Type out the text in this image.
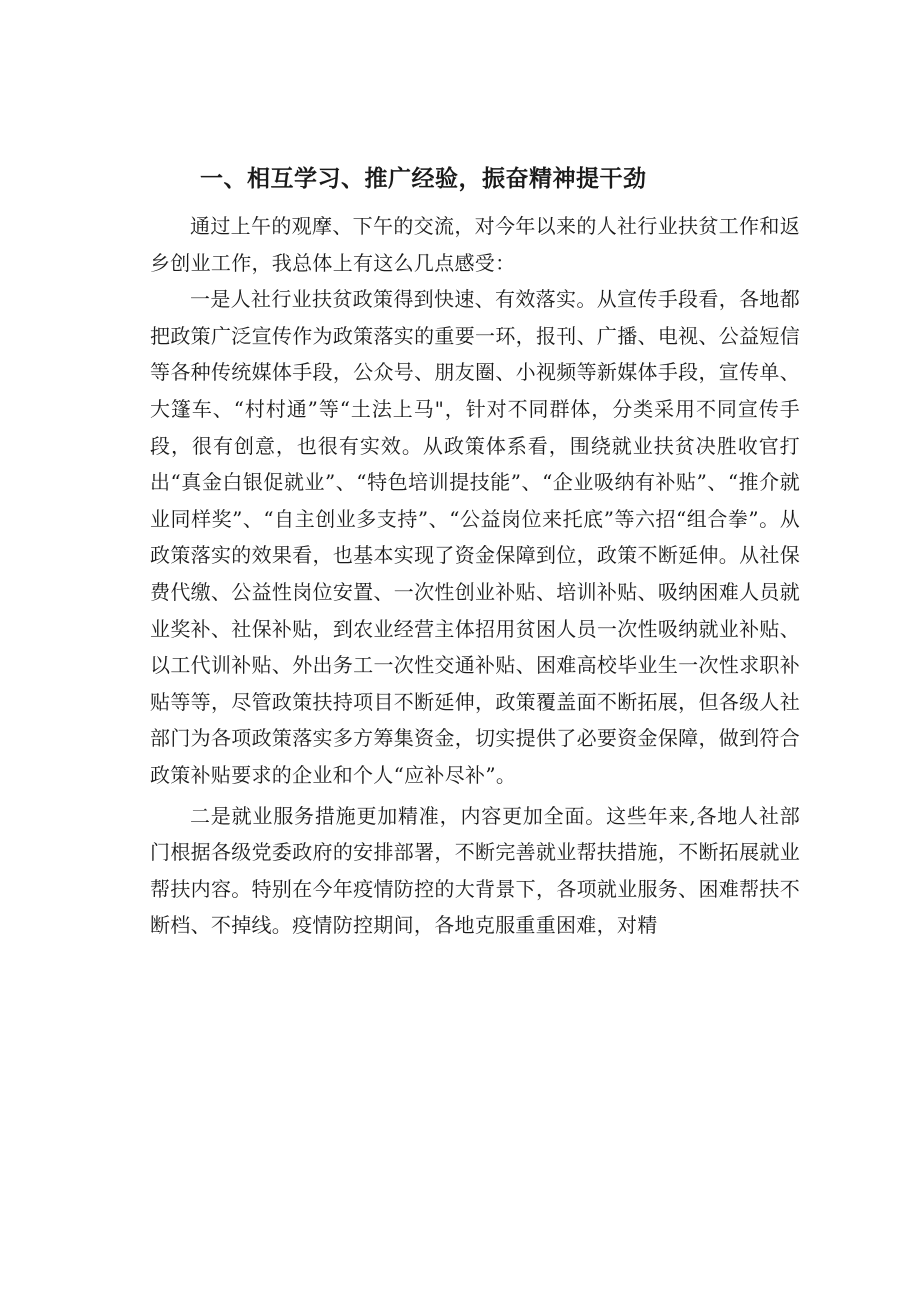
一、相互学习、推广经验，振奋精神提干劲

通过上午的观摩、下午的交流，对今年以来的人社行业扶贫工作和返乡创业工作，我总体上有这么几点感受：

一是人社行业扶贫政策得到快速、有效落实。从宣传手段看，各地都把政策广泛宣传作为政策落实的重要一环，报刊、广播、电视、公益短信等各种传统媒体手段，公众号、朋友圈、小视频等新媒体手段，宣传单、大篷车、“村村通”等“土法上马"，针对不同群体，分类采用不同宣传手段，很有创意，也很有实效。从政策体系看，围绕就业扶贫决胜收官打出“真金白银促就业”、“特色培训提技能”、“企业吸纳有补贴”、“推介就业同样奖”、“自主创业多支持”、“公益岗位来托底”等六招“组合拳”。从政策落实的效果看，也基本实现了资金保障到位，政策不断延伸。从社保费代缴、公益性岗位安置、一次性创业补贴、培训补贴、吸纳困难人员就业奖补、社保补贴，到农业经营主体招用贫困人员一次性吸纳就业补贴、以工代训补贴、外出务工一次性交通补贴、困难高校毕业生一次性求职补贴等等，尽管政策扶持项目不断延伸，政策覆盖面不断拓展，但各级人社部门为各项政策落实多方筹集资金，切实提供了必要资金保障，做到符合政策补贴要求的企业和个人“应补尽补”。

二是就业服务措施更加精准，内容更加全面。这些年来,各地人社部门根据各级党委政府的安排部署，不断完善就业帮扶措施，不断拓展就业帮扶内容。特别在今年疫情防控的大背景下，各项就业服务、困难帮扶不断档、不掉线。疫情防控期间，各地克服重重困难，对精
